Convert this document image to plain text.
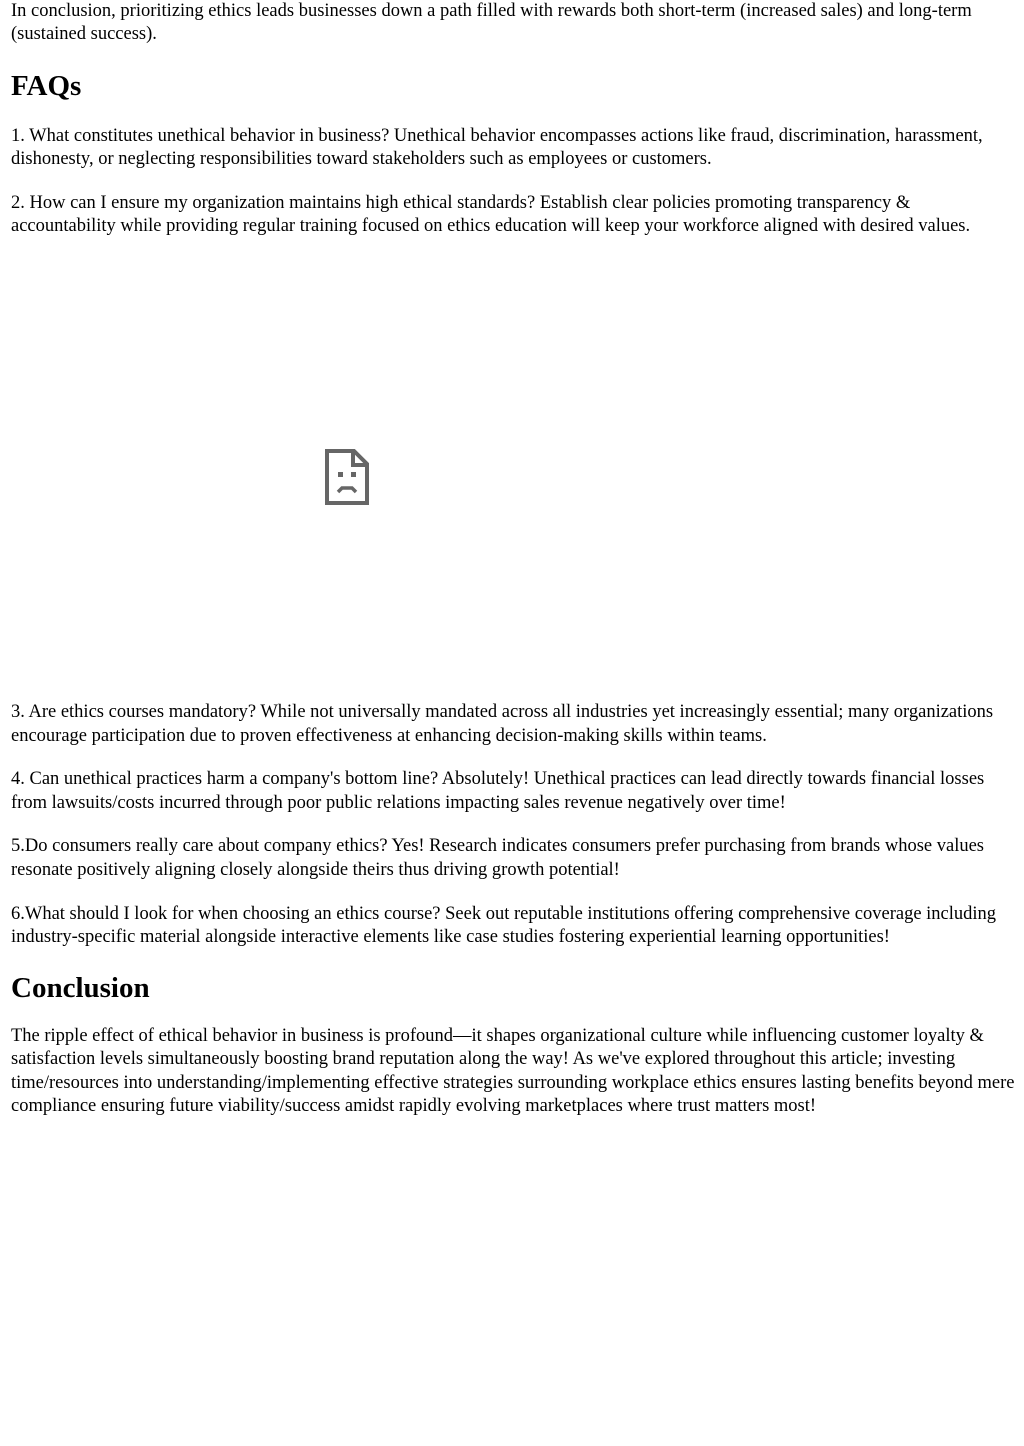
In conclusion, prioritizing ethics leads businesses down a path filled with rewards both short-term (increased sales) and long-term (sustained success).

FAQs

1. What constitutes unethical behavior in business? Unethical behavior encompasses actions like fraud, discrimination, harassment, dishonesty, or neglecting responsibilities toward stakeholders such as employees or customers.

2. How can I ensure my organization maintains high ethical standards? Establish clear policies promoting transparency & accountability while providing regular training focused on ethics education will keep your workforce aligned with desired values.

3. Are ethics courses mandatory? While not universally mandated across all industries yet increasingly essential; many organizations encourage participation due to proven effectiveness at enhancing decision-making skills within teams.

4. Can unethical practices harm a company's bottom line? Absolutely! Unethical practices can lead directly towards financial losses from lawsuits/costs incurred through poor public relations impacting sales revenue negatively over time!

5.Do consumers really care about company ethics? Yes! Research indicates consumers prefer purchasing from brands whose values resonate positively aligning closely alongside theirs thus driving growth potential!

6.What should I look for when choosing an ethics course? Seek out reputable institutions offering comprehensive coverage including industry-specific material alongside interactive elements like case studies fostering experiential learning opportunities!

Conclusion

The ripple effect of ethical behavior in business is profound—it shapes organizational culture while influencing customer loyalty & satisfaction levels simultaneously boosting brand reputation along the way! As we've explored throughout this article; investing time/resources into understanding/implementing effective strategies surrounding workplace ethics ensures lasting benefits beyond mere compliance ensuring future viability/success amidst rapidly evolving marketplaces where trust matters most!
